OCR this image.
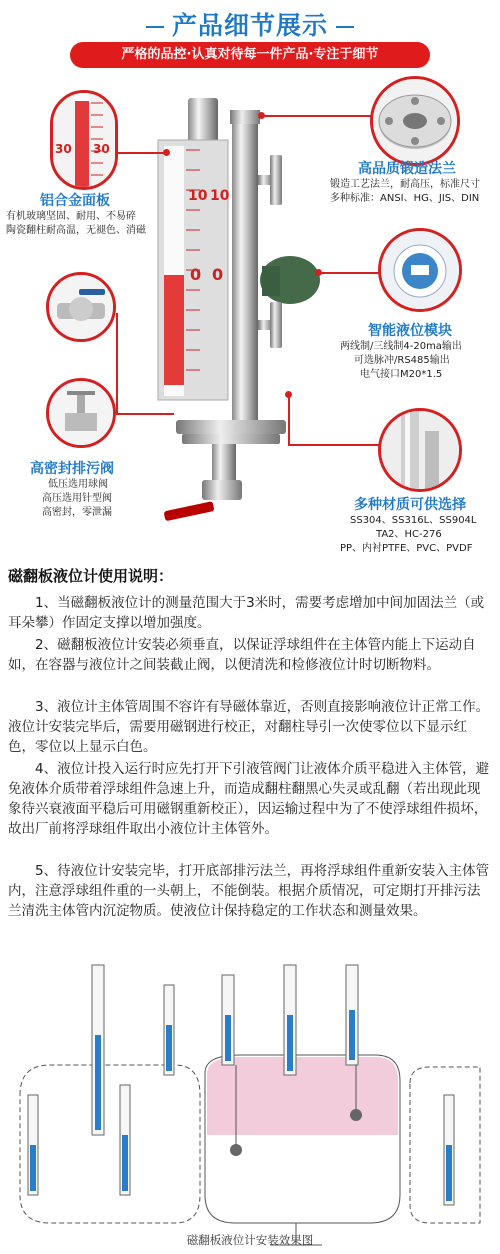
产品细节展示
严格的品控·认真对待每一件产品·专注于细节
10 10
0 0
30 30
铝合金面板
有机玻璃坚固、耐用、不易碎
陶瓷翻柱耐高温，无褪色、消磁
高品质锻造法兰
锻造工艺法兰，耐高压，标准尺寸
多种标准：ANSI、HG、JIS、DIN
智能液位模块
两线制/三线制4-20ma输出
可选脉冲/RS485输出
电气接口M20*1.5
高密封排污阀
低压选用球阀
高压选用针型阀
高密封，零泄漏	多种材质可供选择
SS304、SS316L、SS904L
TA2、HC-276
PP、内衬PTFE、PVC、PVDF
磁翻板液位计使用说明：
1、当磁翻板液位计的测量范围大于3米时，需要考虑增加中间加固法兰（或耳朵攀）作固定支撑以增加强度。
2、磁翻板液位计安装必须垂直，以保证浮球组件在主体管内能上下运动自如，在容器与液位计之间装截止阀，以便清洗和检修液位计时切断物料。
3、液位计主体管周围不容许有导磁体靠近，否则直接影响液位计正常工作。液位计安装完毕后，需要用磁钢进行校正，对翻柱导引一次使零位以下显示红色，零位以上显示白色。
4、液位计投入运行时应先打开下引液管阀门让液体介质平稳进入主体管，避免液体介质带着浮球组件急速上升，而造成翻柱翻黑心失灵或乱翻（若出现此现象待兴衰液面平稳后可用磁钢重新校正），因运输过程中为了不使浮球组件损坏，故出厂前将浮球组件取出小液位计主体管外。
5、待液位计安装完毕，打开底部排污法兰，再将浮球组件重新安装入主体管内，注意浮球组件重的一头朝上，不能倒装。根据介质情况，可定期打开排污法兰清洗主体管内沉淀物质。使液位计保持稳定的工作状态和测量效果。
磁翻板液位计安装效果图
